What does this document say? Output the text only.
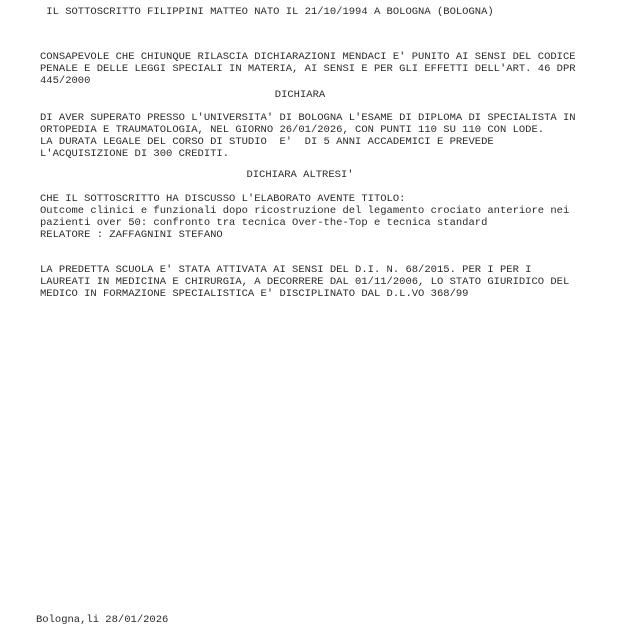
IL SOTTOSCRITTO FILIPPINI MATTEO NATO IL 21/10/1994 A BOLOGNA (BOLOGNA)

CONSAPEVOLE CHE CHIUNQUE RILASCIA DICHIARAZIONI MENDACI E' PUNITO AI SENSI DEL CODICE
PENALE E DELLE LEGGI SPECIALI IN MATERIA, AI SENSI E PER GLI EFFETTI DELL'ART. 46 DPR
445/2000

DICHIARA

DI AVER SUPERATO PRESSO L'UNIVERSITA' DI BOLOGNA L'ESAME DI DIPLOMA DI SPECIALISTA IN
ORTOPEDIA E TRAUMATOLOGIA, NEL GIORNO 26/01/2026, CON PUNTI 110 SU 110 CON LODE.
LA DURATA LEGALE DEL CORSO DI STUDIO  E'  DI 5 ANNI ACCADEMICI E PREVEDE
L'ACQUISIZIONE DI 300 CREDITI.

DICHIARA ALTRESI'

CHE IL SOTTOSCRITTO HA DISCUSSO L'ELABORATO AVENTE TITOLO:
Outcome clinici e funzionali dopo ricostruzione del legamento crociato anteriore nei
pazienti over 50: confronto tra tecnica Over-the-Top e tecnica standard
RELATORE : ZAFFAGNINI STEFANO
LA PREDETTA SCUOLA E' STATA ATTIVATA AI SENSI DEL D.I. N. 68/2015. PER I PER I
LAUREATI IN MEDICINA E CHIRURGIA, A DECORRERE DAL 01/11/2006, LO STATO GIURIDICO DEL
MEDICO IN FORMAZIONE SPECIALISTICA E' DISCIPLINATO DAL D.L.VO 368/99

Bologna,li 28/01/2026
